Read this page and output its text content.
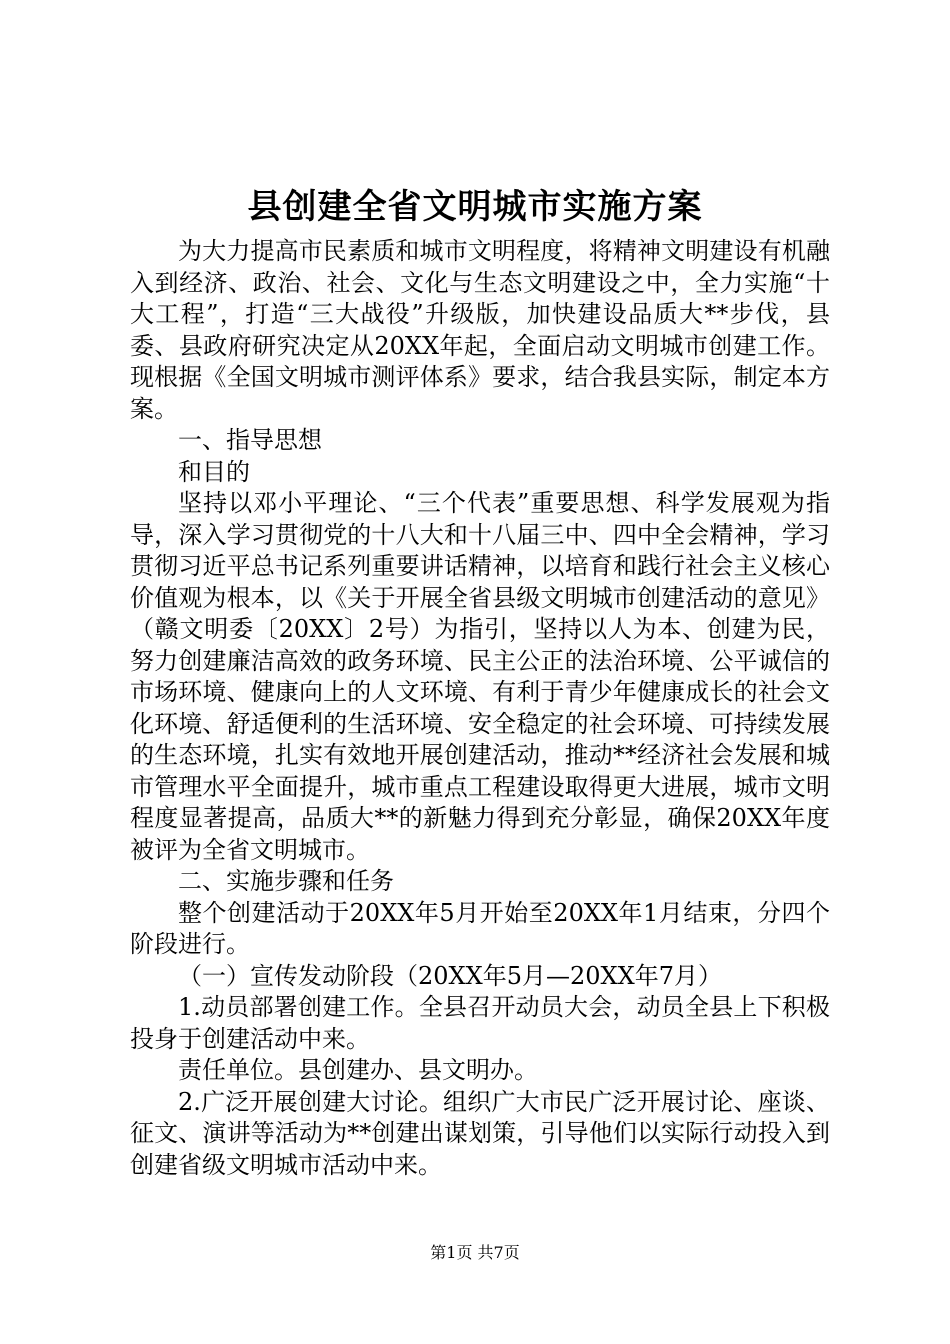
县创建全省文明城市实施方案

为大力提高市民素质和城市文明程度，将精神文明建设有机融入到经济、政治、社会、文化与生态文明建设之中，全力实施“十大工程”，打造“三大战役”升级版，加快建设品质大**步伐，县委、县政府研究决定从20XX年起，全面启动文明城市创建工作。现根据《全国文明城市测评体系》要求，结合我县实际，制定本方案。

一、指导思想

和目的

坚持以邓小平理论、“三个代表”重要思想、科学发展观为指导，深入学习贯彻党的十八大和十八届三中、四中全会精神，学习贯彻习近平总书记系列重要讲话精神，以培育和践行社会主义核心价值观为根本，以《关于开展全省县级文明城市创建活动的意见》（赣文明委〔20XX〕2号）为指引，坚持以人为本、创建为民，努力创建廉洁高效的政务环境、民主公正的法治环境、公平诚信的市场环境、健康向上的人文环境、有利于青少年健康成长的社会文化环境、舒适便利的生活环境、安全稳定的社会环境、可持续发展的生态环境，扎实有效地开展创建活动，推动**经济社会发展和城市管理水平全面提升，城市重点工程建设取得更大进展，城市文明程度显著提高，品质大**的新魅力得到充分彰显，确保20XX年度被评为全省文明城市。

二、实施步骤和任务

整个创建活动于20XX年5月开始至20XX年1月结束，分四个阶段进行。

（一）宣传发动阶段（20XX年5月—20XX年7月）

1.动员部署创建工作。全县召开动员大会，动员全县上下积极投身于创建活动中来。

责任单位。县创建办、县文明办。

2.广泛开展创建大讨论。组织广大市民广泛开展讨论、座谈、征文、演讲等活动为**创建出谋划策，引导他们以实际行动投入到创建省级文明城市活动中来。

第1页 共7页
